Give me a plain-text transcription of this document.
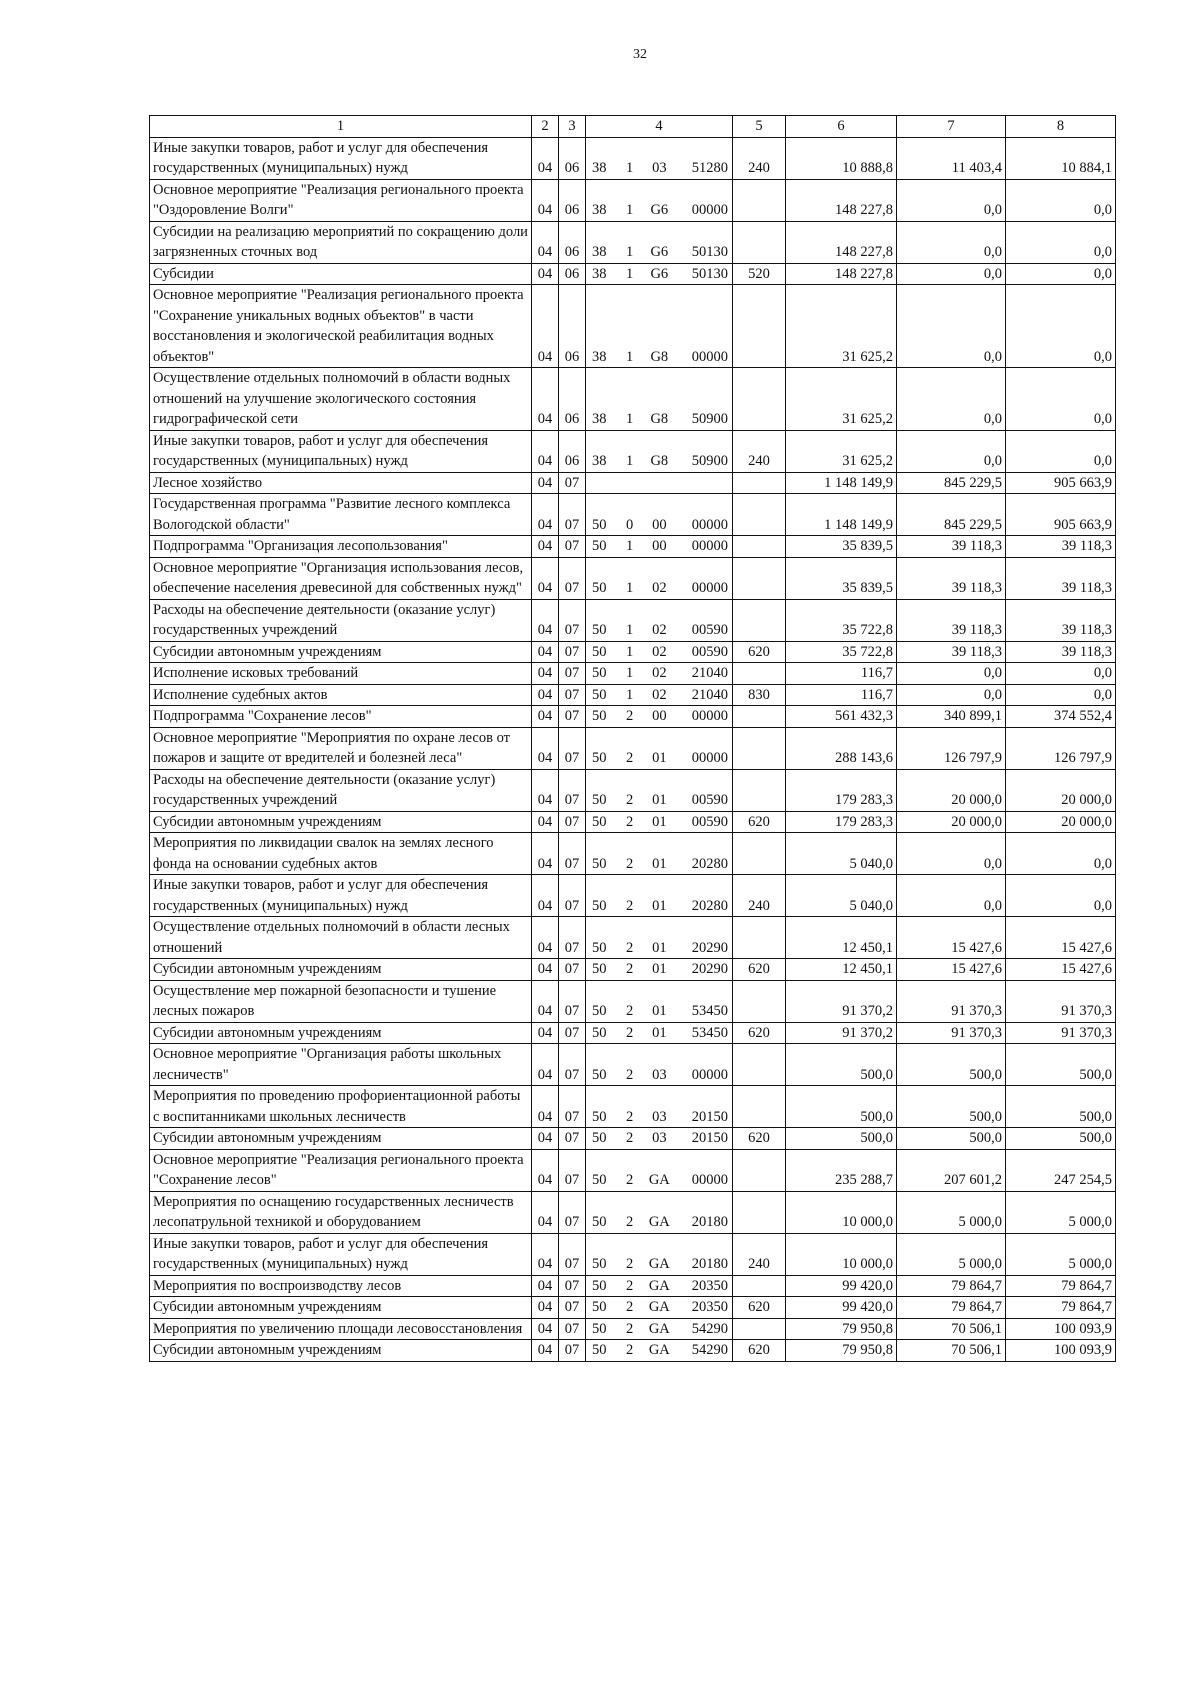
32
1	2	3	4	5	6	7	8
Иные закупки товаров, работ и услуг для обеспечения государственных (муниципальных) нужд	04	06	38 1 03 51280	240	10 888,8	11 403,4	10 884,1
Основное мероприятие "Реализация регионального проекта "Оздоровление Волги"	04	06	38 1 G6 00000		148 227,8	0,0	0,0
Субсидии на реализацию мероприятий по сокращению доли загрязненных сточных вод	04	06	38 1 G6 50130		148 227,8	0,0	0,0
Субсидии	04	06	38 1 G6 50130	520	148 227,8	0,0	0,0
Основное мероприятие "Реализация регионального проекта "Сохранение уникальных водных объектов" в части восстановления и экологической реабилитация водных объектов"	04	06	38 1 G8 00000		31 625,2	0,0	0,0
Осуществление отдельных полномочий в области водных отношений на улучшение экологического состояния гидрографической сети	04	06	38 1 G8 50900		31 625,2	0,0	0,0
Иные закупки товаров, работ и услуг для обеспечения государственных (муниципальных) нужд	04	06	38 1 G8 50900	240	31 625,2	0,0	0,0
Лесное хозяйство	04	07			1 148 149,9	845 229,5	905 663,9
Государственная программа "Развитие лесного комплекса Вологодской области"	04	07	50 0 00 00000		1 148 149,9	845 229,5	905 663,9
Подпрограмма "Организация лесопользования"	04	07	50 1 00 00000		35 839,5	39 118,3	39 118,3
Основное мероприятие "Организация использования лесов, обеспечение населения древесиной для собственных нужд"	04	07	50 1 02 00000		35 839,5	39 118,3	39 118,3
Расходы на обеспечение деятельности (оказание услуг) государственных учреждений	04	07	50 1 02 00590		35 722,8	39 118,3	39 118,3
Субсидии автономным учреждениям	04	07	50 1 02 00590	620	35 722,8	39 118,3	39 118,3
Исполнение исковых требований	04	07	50 1 02 21040		116,7	0,0	0,0
Исполнение судебных актов	04	07	50 1 02 21040	830	116,7	0,0	0,0
Подпрограмма "Сохранение лесов"	04	07	50 2 00 00000		561 432,3	340 899,1	374 552,4
Основное мероприятие "Мероприятия по охране лесов от пожаров и защите от вредителей и болезней леса"	04	07	50 2 01 00000		288 143,6	126 797,9	126 797,9
Расходы на обеспечение деятельности (оказание услуг) государственных учреждений	04	07	50 2 01 00590		179 283,3	20 000,0	20 000,0
Субсидии автономным учреждениям	04	07	50 2 01 00590	620	179 283,3	20 000,0	20 000,0
Мероприятия по ликвидации свалок на землях лесного фонда на основании судебных актов	04	07	50 2 01 20280		5 040,0	0,0	0,0
Иные закупки товаров, работ и услуг для обеспечения государственных (муниципальных) нужд	04	07	50 2 01 20280	240	5 040,0	0,0	0,0
Осуществление отдельных полномочий в области лесных отношений	04	07	50 2 01 20290		12 450,1	15 427,6	15 427,6
Субсидии автономным учреждениям	04	07	50 2 01 20290	620	12 450,1	15 427,6	15 427,6
Осуществление мер пожарной безопасности и тушение лесных пожаров	04	07	50 2 01 53450		91 370,2	91 370,3	91 370,3
Субсидии автономным учреждениям	04	07	50 2 01 53450	620	91 370,2	91 370,3	91 370,3
Основное мероприятие "Организация работы школьных лесничеств"	04	07	50 2 03 00000		500,0	500,0	500,0
Мероприятия по проведению профориентационной работы с воспитанниками школьных лесничеств	04	07	50 2 03 20150		500,0	500,0	500,0
Субсидии автономным учреждениям	04	07	50 2 03 20150	620	500,0	500,0	500,0
Основное мероприятие "Реализация регионального проекта "Сохранение лесов"	04	07	50 2 GA 00000		235 288,7	207 601,2	247 254,5
Мероприятия по оснащению государственных лесничеств лесопатрульной техникой и оборудованием	04	07	50 2 GA 20180		10 000,0	5 000,0	5 000,0
Иные закупки товаров, работ и услуг для обеспечения государственных (муниципальных) нужд	04	07	50 2 GA 20180	240	10 000,0	5 000,0	5 000,0
Мероприятия по воспроизводству лесов	04	07	50 2 GA 20350		99 420,0	79 864,7	79 864,7
Субсидии автономным учреждениям	04	07	50 2 GA 20350	620	99 420,0	79 864,7	79 864,7
Мероприятия по увеличению площади лесовосстановления	04	07	50 2 GA 54290		79 950,8	70 506,1	100 093,9
Субсидии автономным учреждениям	04	07	50 2 GA 54290	620	79 950,8	70 506,1	100 093,9
